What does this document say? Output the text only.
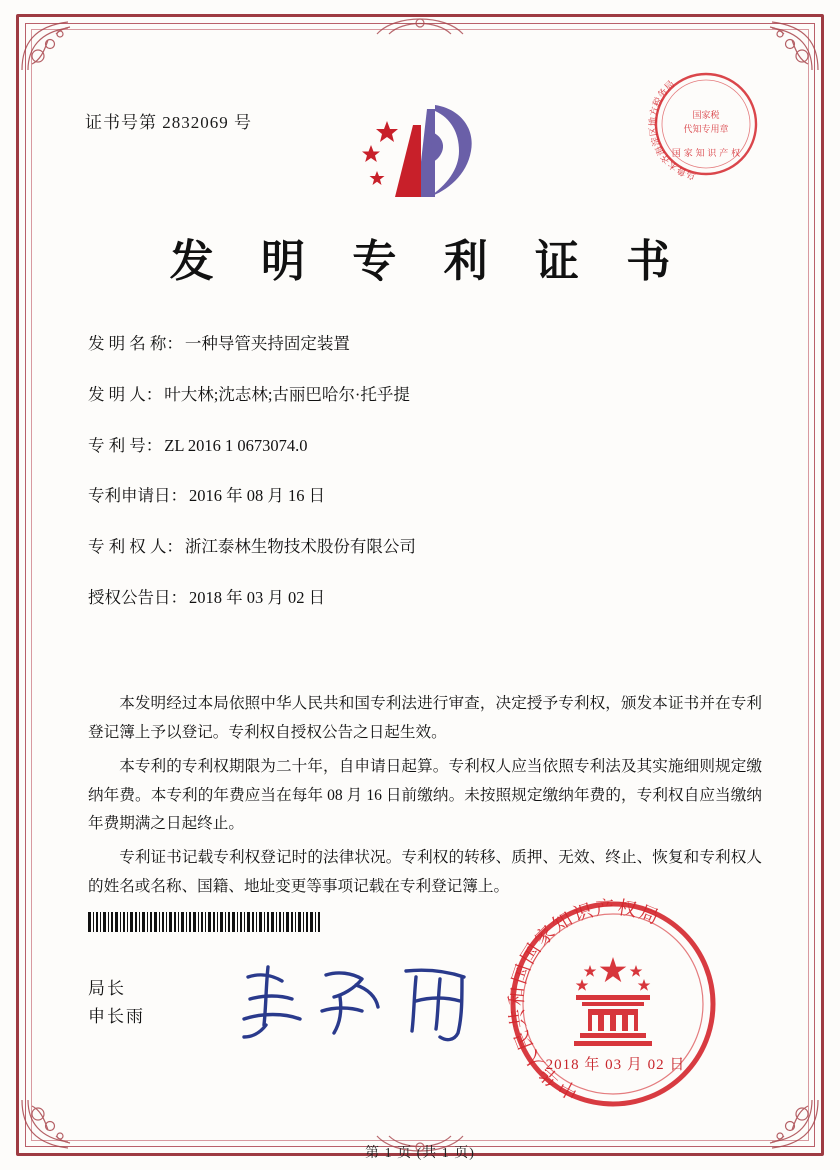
证书号第 2832069 号
乌鲁木齐海淀区地方税务局
国家税
代知专用章
国 家 知 识 产 权
发 明 专 利 证 书
发 明 名 称： 一种导管夹持固定装置
发 明 人： 叶大林;沈志林;古丽巴哈尔·托乎提
专 利 号： ZL 2016 1 0673074.0
专利申请日： 2016 年 08 月 16 日
专 利 权 人： 浙江泰林生物技术股份有限公司
授权公告日： 2018 年 03 月 02 日

本发明经过本局依照中华人民共和国专利法进行审查，决定授予专利权，颁发本证书并在专利登记簿上予以登记。专利权自授权公告之日起生效。

本专利的专利权期限为二十年，自申请日起算。专利权人应当依照专利法及其实施细则规定缴纳年费。本专利的年费应当在每年 08 月 16 日前缴纳。未按照规定缴纳年费的，专利权自应当缴纳年费期满之日起终止。

专利证书记载专利权登记时的法律状况。专利权的转移、质押、无效、终止、恢复和专利权人的姓名或名称、国籍、地址变更等事项记载在专利登记簿上。

局长
申长雨
中华人民共和国国家知识产权局
2018 年 03 月 02 日
第 1 页 (共 1 页)
